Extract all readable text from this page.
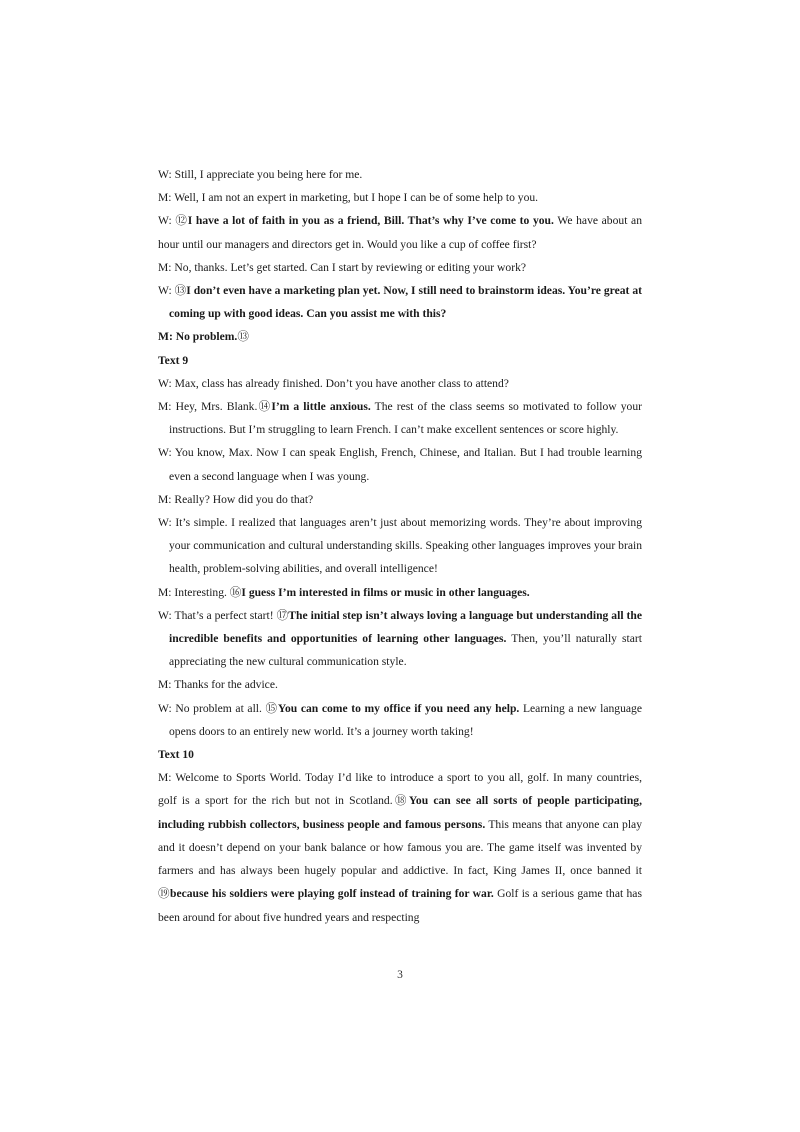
W: Still, I appreciate you being here for me.

M: Well, I am not an expert in marketing, but I hope I can be of some help to you.

W: ⑫I have a lot of faith in you as a friend, Bill. That’s why I’ve come to you. We have about an hour until our managers and directors get in. Would you like a cup of coffee first?

M: No, thanks. Let’s get started. Can I start by reviewing or editing your work?

W: ⑬I don’t even have a marketing plan yet. Now, I still need to brainstorm ideas. You’re great at coming up with good ideas. Can you assist me with this?

M: No problem.⑬

Text 9

W: Max, class has already finished. Don’t you have another class to attend?

M: Hey, Mrs. Blank.⑭I’m a little anxious. The rest of the class seems so motivated to follow your instructions. But I’m struggling to learn French. I can’t make excellent sentences or score highly.

W: You know, Max. Now I can speak English, French, Chinese, and Italian. But I had trouble learning even a second language when I was young.

M: Really? How did you do that?

W: It’s simple. I realized that languages aren’t just about memorizing words. They’re about improving your communication and cultural understanding skills. Speaking other languages improves your brain health, problem-solving abilities, and overall intelligence!

M: Interesting. ⑯I guess I’m interested in films or music in other languages.

W: That’s a perfect start! ⑰The initial step isn’t always loving a language but understanding all the incredible benefits and opportunities of learning other languages. Then, you’ll naturally start appreciating the new cultural communication style.

M: Thanks for the advice.

W: No problem at all. ⑮You can come to my office if you need any help. Learning a new language opens doors to an entirely new world. It’s a journey worth taking!

Text 10

M: Welcome to Sports World. Today I’d like to introduce a sport to you all, golf. In many countries, golf is a sport for the rich but not in Scotland.⑱You can see all sorts of people participating, including rubbish collectors, business people and famous persons. This means that anyone can play and it doesn’t depend on your bank balance or how famous you are. The game itself was invented by farmers and has always been hugely popular and addictive. In fact, King James II, once banned it ⑲because his soldiers were playing golf instead of training for war. Golf is a serious game that has been around for about five hundred years and respecting

3
